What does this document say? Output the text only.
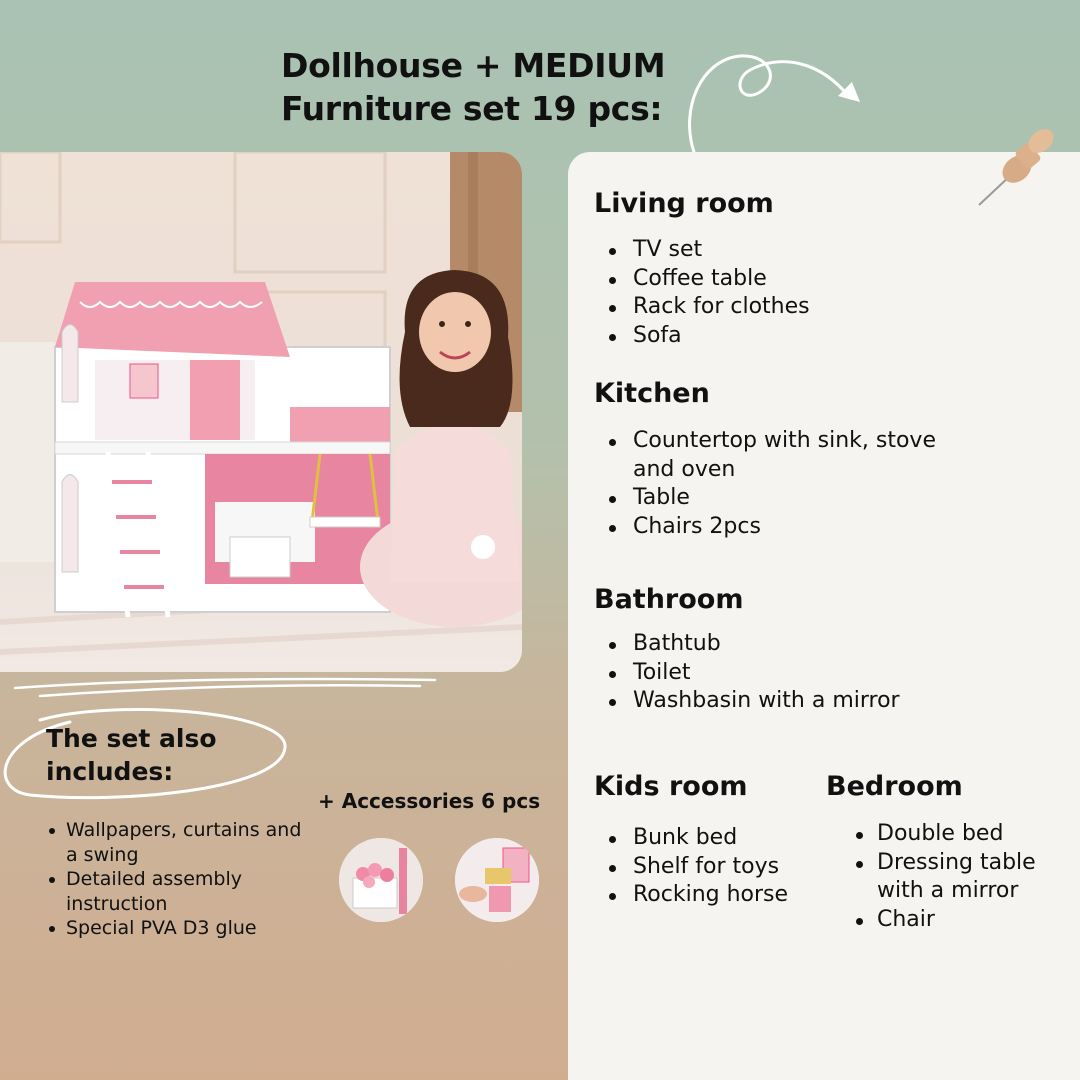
Dollhouse + MEDIUM
Furniture set 19 pcs:
The set also
includes:
Wallpapers, curtains and a swing
Detailed assembly instruction
Special PVA D3 glue

+ Accessories 6 pcs

Living room
TV set
Coffee table
Rack for clothes
Sofa
Kitchen
Countertop with sink, stove and oven
Table
Chairs 2pcs
Bathroom
Bathtub
Toilet
Washbasin with a mirror
Kids room
Bunk bed
Shelf for toys
Rocking horse
Bedroom
Double bed
Dressing table with a mirror
Chair
